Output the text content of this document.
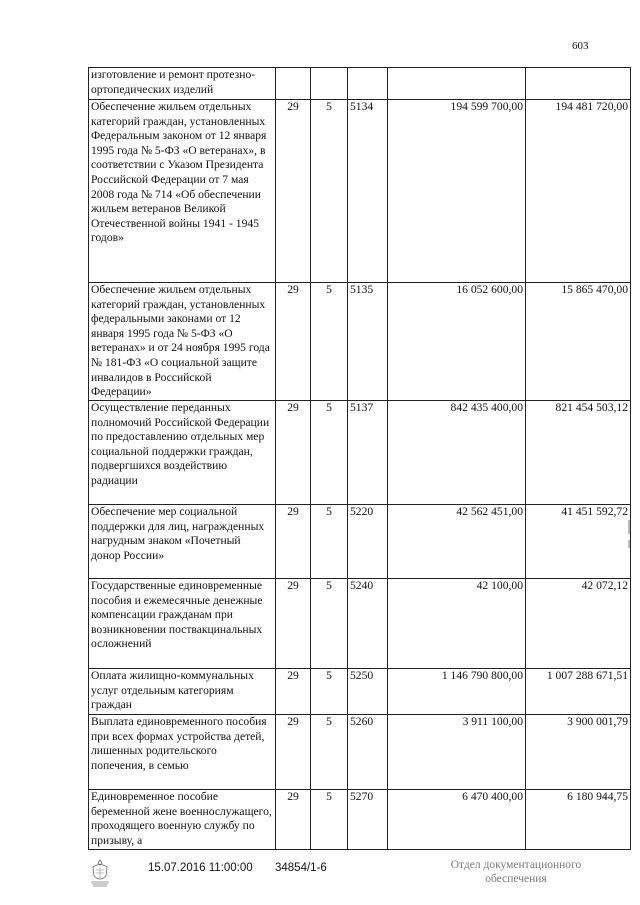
603
изготовление и ремонт протезно-ортопедических изделий					
Обеспечение жильем отдельных категорий граждан, установленных Федеральным законом от 12 января 1995 года № 5-ФЗ «О ветеранах», в соответствии с Указом Президента Российской Федерации от 7 мая 2008 года № 714 «Об обеспечении жильем ветеранов Великой Отечественной войны 1941 - 1945 годов»	29	5	5134	194 599 700,00	194 481 720,00
Обеспечение жильем отдельных категорий граждан, установленных федеральными законами от 12 января 1995 года № 5-ФЗ «О ветеранах» и от 24 ноября 1995 года № 181-ФЗ «О социальной защите инвалидов в Российской Федерации»	29	5	5135	16 052 600,00	15 865 470,00
Осуществление переданных полномочий Российской Федерации по предоставлению отдельных мер социальной поддержки граждан, подвергшихся воздействию радиации	29	5	5137	842 435 400,00	821 454 503,12
Обеспечение мер социальной поддержки для лиц, награжденных нагрудным знаком «Почетный донор России»	29	5	5220	42 562 451,00	41 451 592,72
Государственные единовременные пособия и ежемесячные денежные компенсации гражданам при возникновении поствакцинальных осложнений	29	5	5240	42 100,00	42 072,12
Оплата жилищно-коммунальных услуг отдельным категориям граждан	29	5	5250	1 146 790 800,00	1 007 288 671,51
Выплата единовременного пособия при всех формах устройства детей, лишенных родительского попечения, в семью	29	5	5260	3 911 100,00	3 900 001,79
Единовременное пособие беременной жене военнослужащего, проходящего военную службу по призыву, а	29	5	5270	6 470 400,00	6 180 944,75
15.07.2016 11:00:00 34854/1-6	Отдел документационного
обеспечения
